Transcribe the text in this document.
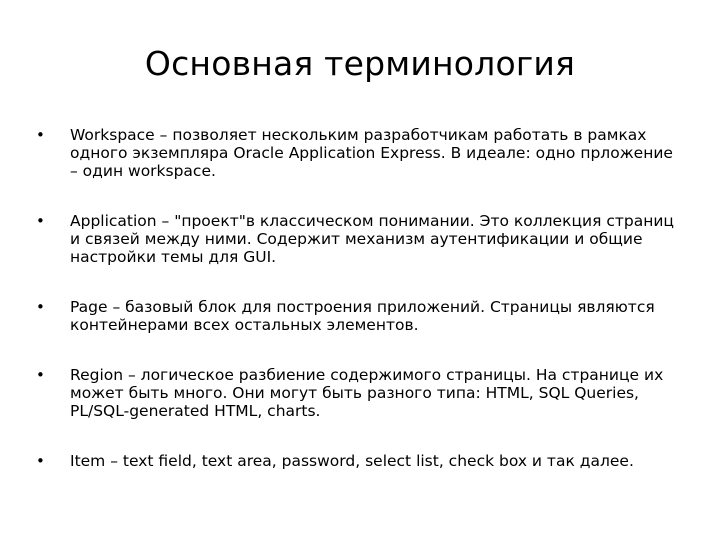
Основная терминология
•	Workspace – позволяет нескольким разработчикам работать в рамках одного экземпляра Oracle Application Express. В идеале: одно прложение – один workspace.
•	Application – "проект"в классическом понимании. Это коллекция страниц и связей между ними. Содержит механизм аутентификации и общие настройки темы для GUI.
•	Page – базовый блок для построения приложений. Страницы являются контейнерами всех остальных элементов.
•	Region – логическое разбиение содержимого страницы. На странице их может быть много. Они могут быть разного типа: HTML, SQL Queries, PL/SQL-generated HTML, charts.
•	Item – text field, text area, password, select list, check box и так далее.
